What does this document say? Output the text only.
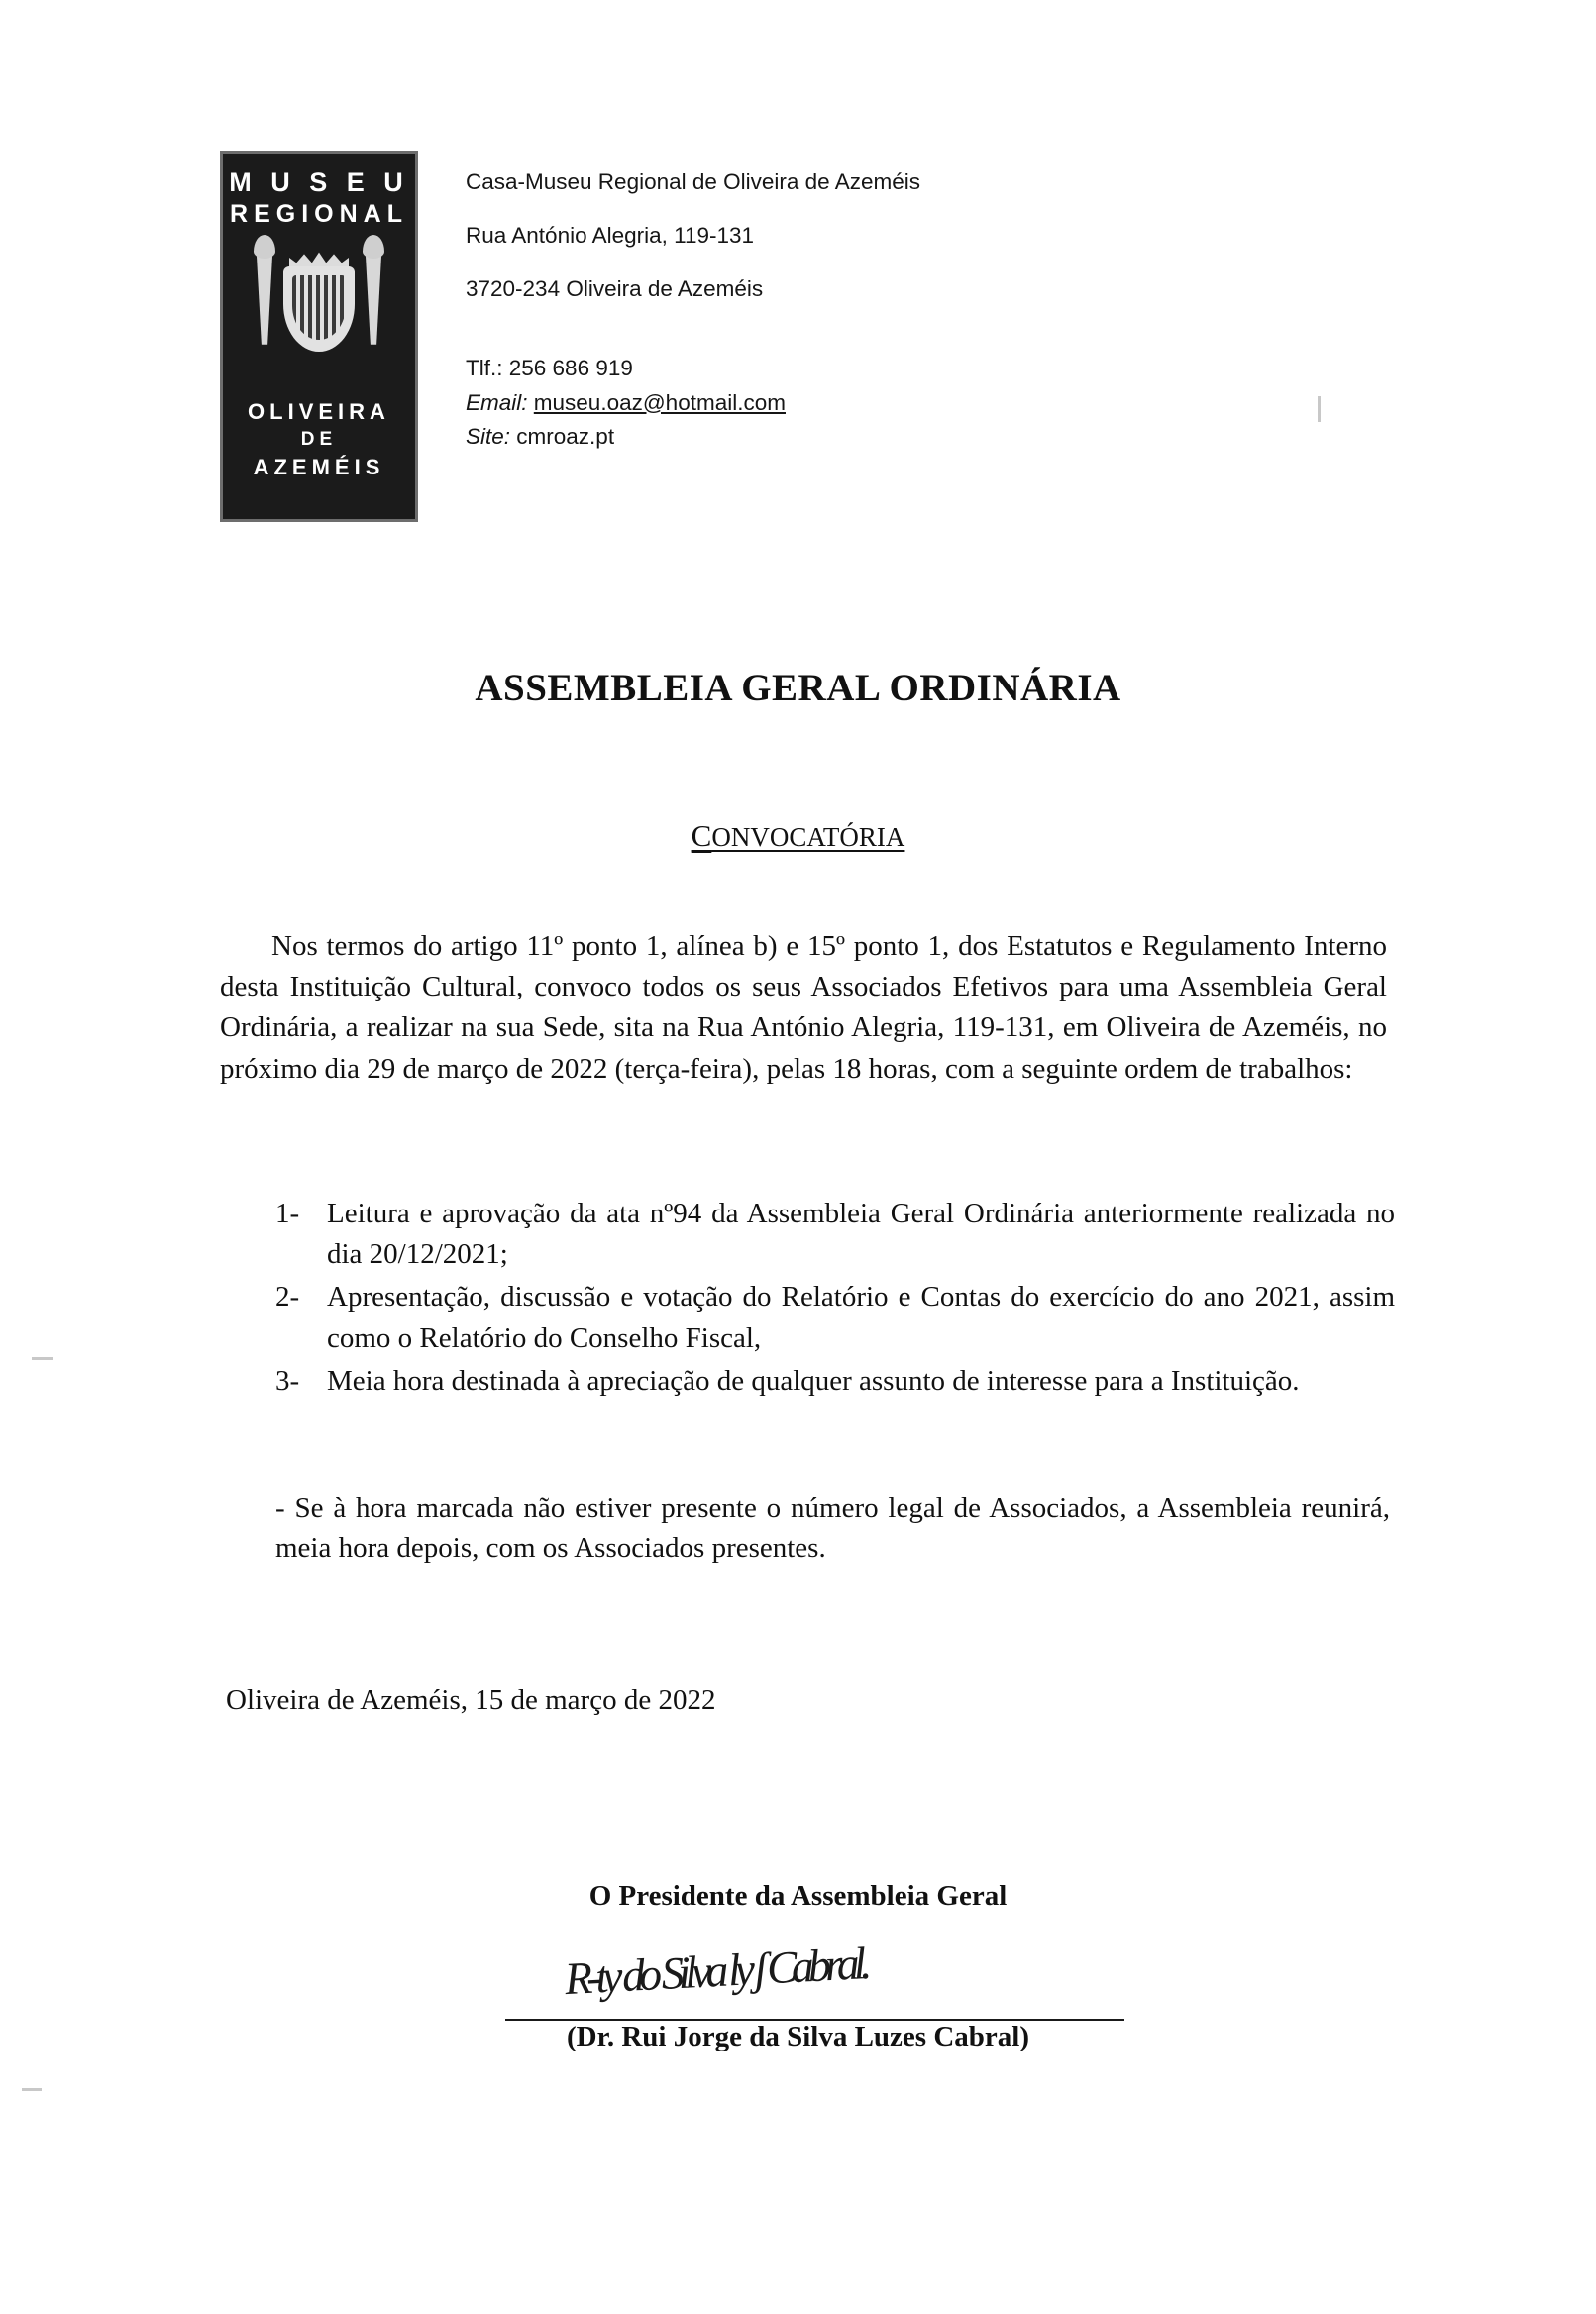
M U S E U
REGIONAL
OLIVEIRA
DE
AZEMÉIS
Casa-Museu Regional de Oliveira de Azeméis
Rua António Alegria, 119-131
3720-234 Oliveira de Azeméis
Tlf.: 256 686 919
Email: museu.oaz@hotmail.com
Site: cmroaz.pt
ASSEMBLEIA GERAL ORDINÁRIA
CONVOCATÓRIA

Nos termos do artigo 11º ponto 1, alínea b) e 15º ponto 1, dos Estatutos e Regulamento Interno desta Instituição Cultural, convoco todos os seus Associados Efetivos para uma Assembleia Geral Ordinária, a realizar na sua Sede, sita na Rua António Alegria, 119-131, em Oliveira de Azeméis, no próximo dia 29 de março de 2022 (terça-feira), pelas 18 horas, com a seguinte ordem de trabalhos:

1- Leitura e aprovação da ata nº94 da Assembleia Geral Ordinária anteriormente realizada no dia 20/12/2021;
2- Apresentação, discussão e votação do Relatório e Contas do exercício do ano 2021, assim como o Relatório do Conselho Fiscal,
3- Meia hora destinada à apreciação de qualquer assunto de interesse para a Instituição.
- Se à hora marcada não estiver presente o número legal de Associados, a Assembleia reunirá, meia hora depois, com os Associados presentes.
Oliveira de Azeméis, 15 de março de 2022
O Presidente da Assembleia Geral
R-ty do Silva ly ʃ Cabral.
(Dr. Rui Jorge da Silva Luzes Cabral)
